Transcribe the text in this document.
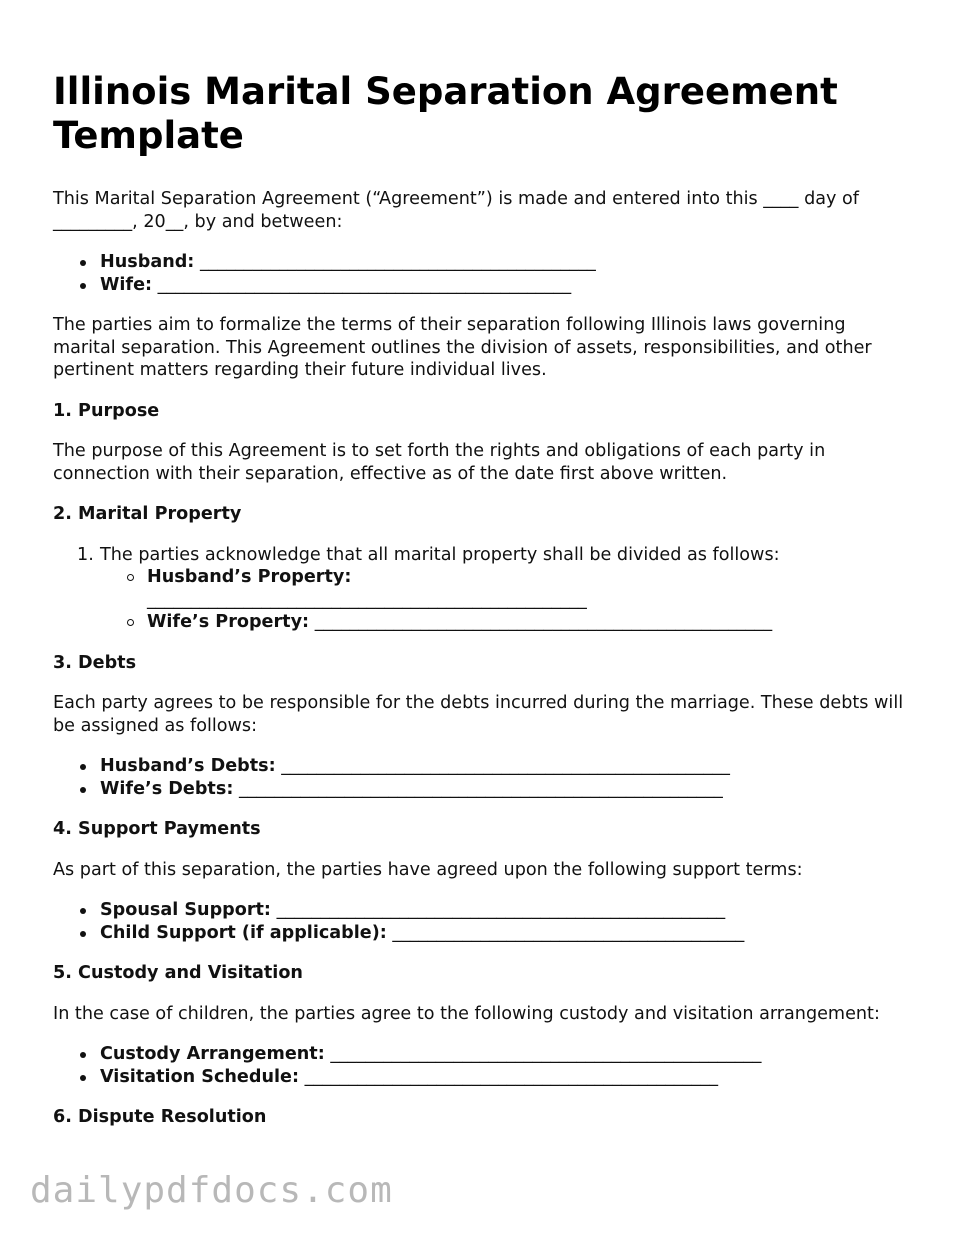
Illinois Marital Separation Agreement Template

This Marital Separation Agreement (“Agreement”) is made and entered into this ____ day of _________, 20__, by and between:

Husband: _____________________________________________
Wife: _______________________________________________

The parties aim to formalize the terms of their separation following Illinois laws governing marital separation. This Agreement outlines the division of assets, responsibilities, and other pertinent matters regarding their future individual lives.

1. Purpose

The purpose of this Agreement is to set forth the rights and obligations of each party in connection with their separation, effective as of the date first above written.

2. Marital Property
1. The parties acknowledge that all marital property shall be divided as follows:
Husband’s Property: __________________________________________________
Wife’s Property: ____________________________________________________
3. Debts

Each party agrees to be responsible for the debts incurred during the marriage. These debts will be assigned as follows:

Husband’s Debts: ___________________________________________________
Wife’s Debts: _______________________________________________________
4. Support Payments

As part of this separation, the parties have agreed upon the following support terms:

Spousal Support: ___________________________________________________
Child Support (if applicable): ________________________________________
5. Custody and Visitation

In the case of children, the parties agree to the following custody and visitation arrangement:

Custody Arrangement: _________________________________________________
Visitation Schedule: _______________________________________________
6. Dispute Resolution
dailypdfdocs.com
